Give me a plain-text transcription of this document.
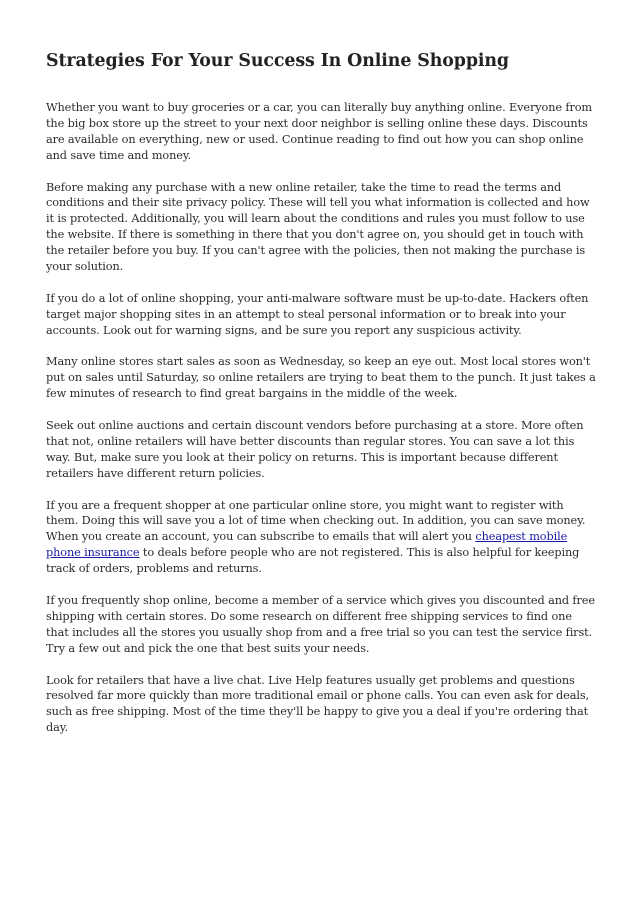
Strategies For Your Success In Online Shopping

Whether you want to buy groceries or a car, you can literally buy anything online. Everyone from the big box store up the street to your next door neighbor is selling online these days. Discounts are available on everything, new or used. Continue reading to find out how you can shop online and save time and money.

Before making any purchase with a new online retailer, take the time to read the terms and conditions and their site privacy policy. These will tell you what information is collected and how it is protected. Additionally, you will learn about the conditions and rules you must follow to use the website. If there is something in there that you don't agree on, you should get in touch with the retailer before you buy. If you can't agree with the policies, then not making the purchase is your solution.

If you do a lot of online shopping, your anti-malware software must be up-to-date. Hackers often target major shopping sites in an attempt to steal personal information or to break into your accounts. Look out for warning signs, and be sure you report any suspicious activity.

Many online stores start sales as soon as Wednesday, so keep an eye out. Most local stores won't put on sales until Saturday, so online retailers are trying to beat them to the punch. It just takes a few minutes of research to find great bargains in the middle of the week.

Seek out online auctions and certain discount vendors before purchasing at a store. More often that not, online retailers will have better discounts than regular stores. You can save a lot this way. But, make sure you look at their policy on returns. This is important because different retailers have different return policies.

If you are a frequent shopper at one particular online store, you might want to register with them. Doing this will save you a lot of time when checking out. In addition, you can save money. When you create an account, you can subscribe to emails that will alert you cheapest mobile phone insurance to deals before people who are not registered. This is also helpful for keeping track of orders, problems and returns.

If you frequently shop online, become a member of a service which gives you discounted and free shipping with certain stores. Do some research on different free shipping services to find one that includes all the stores you usually shop from and a free trial so you can test the service first. Try a few out and pick the one that best suits your needs.

Look for retailers that have a live chat. Live Help features usually get problems and questions resolved far more quickly than more traditional email or phone calls. You can even ask for deals, such as free shipping. Most of the time they'll be happy to give you a deal if you're ordering that day.
